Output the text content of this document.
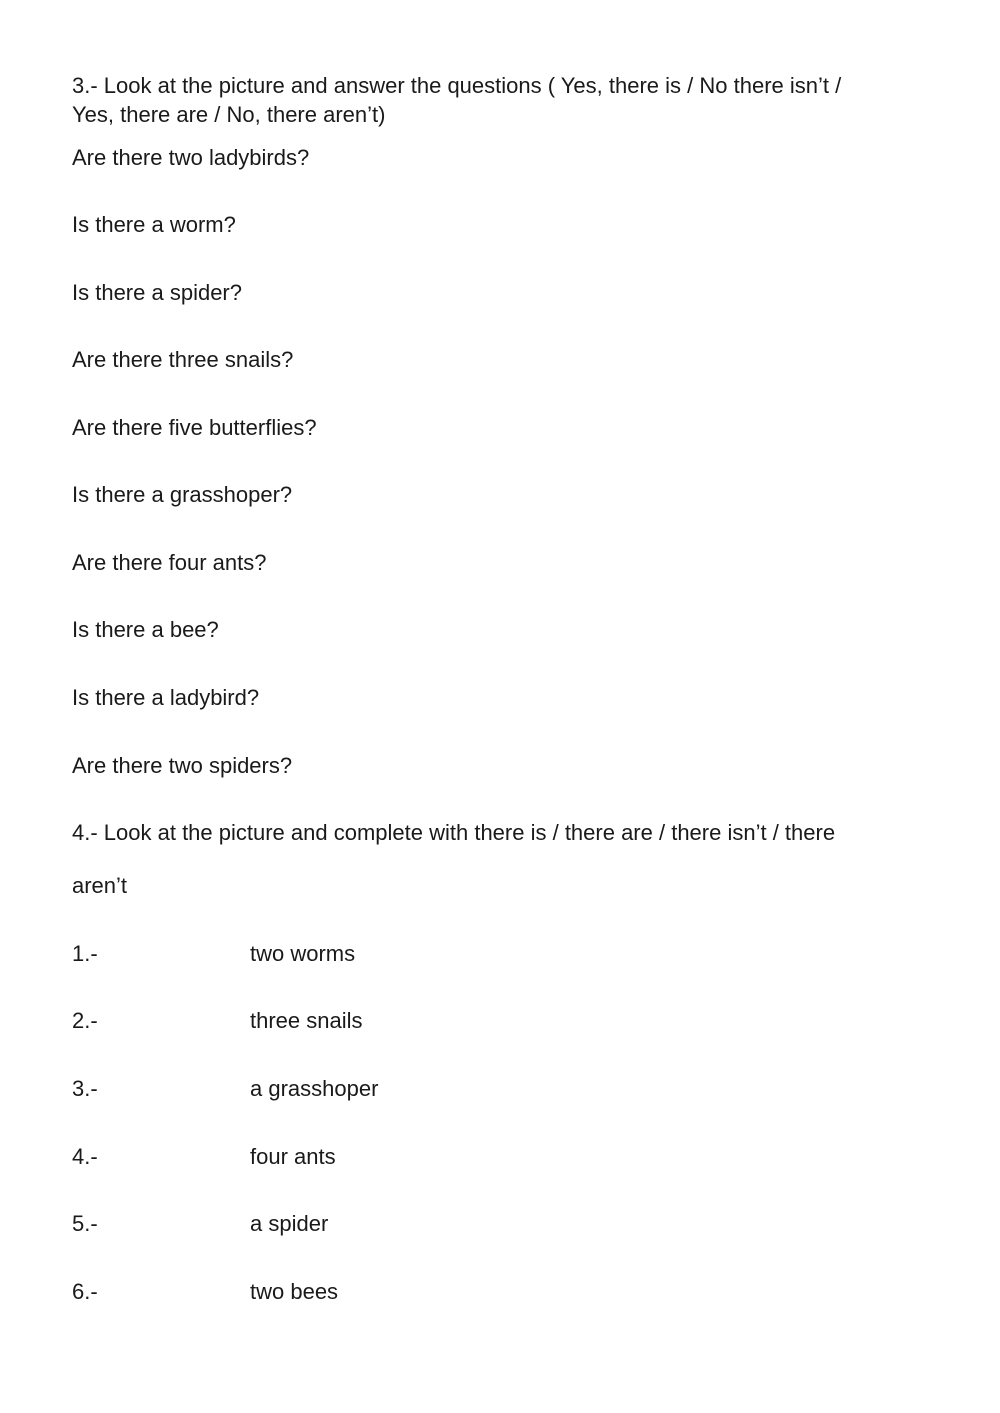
3.- Look at the picture and answer the questions ( Yes, there is / No there isn’t /
Yes, there are / No, there aren’t)
Are there two ladybirds?
Is there a worm?
Is there a spider?
Are there three snails?
Are there five butterflies?
Is there a grasshoper?
Are there four ants?
Is there a bee?
Is there a ladybird?
Are there two spiders?
4.- Look at the picture and complete with there is / there are / there isn’t / there
aren’t
1.-	two worms
2.-	three snails
3.-	a grasshoper
4.-	four ants
5.-	a spider
6.-	two bees
